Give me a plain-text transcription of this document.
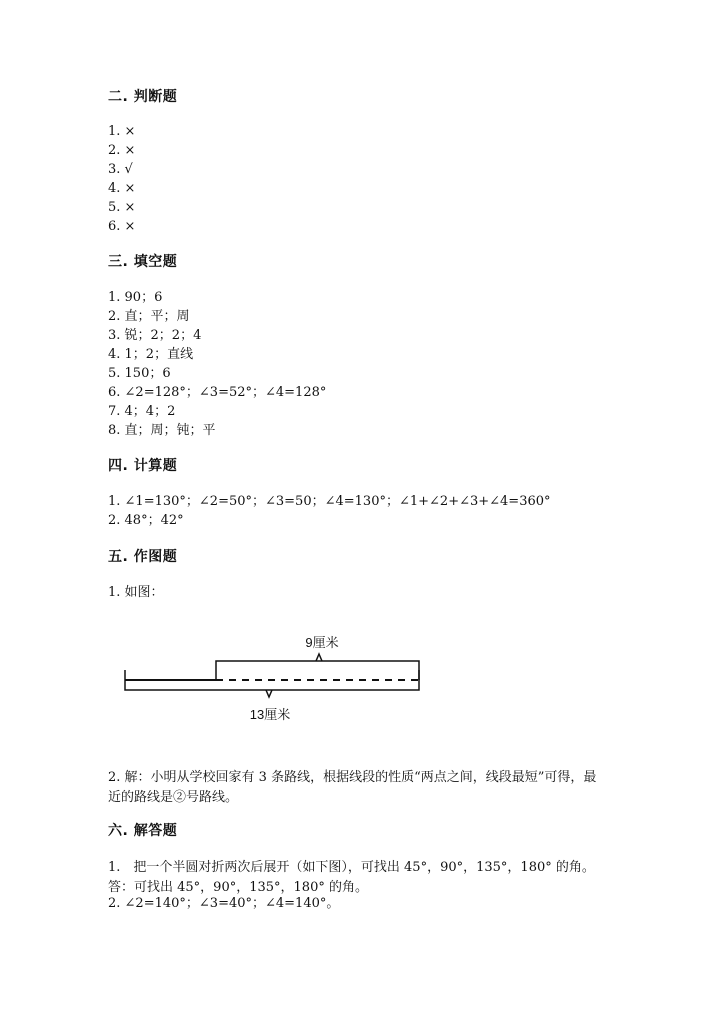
二. 判断题
1. ×
2. ×
3. √
4. ×
5. ×
6. ×
三. 填空题
1. 90；6
2. 直；平；周
3. 锐；2；2；4
4. 1；2；直线
5. 150；6
6. ∠2=128°；∠3=52°；∠4=128°
7. 4；4；2
8. 直；周；钝；平
四. 计算题
1. ∠1=130°；∠2=50°；∠3=50；∠4=130°；∠1+∠2+∠3+∠4=360°
2. 48°；42°
五. 作图题
1. 如图：
9厘米
13厘米
2. 解：小明从学校回家有 3 条路线，根据线段的性质“两点之间，线段最短”可得，最近的路线是②号路线。
六. 解答题
1.　把一个半圆对折两次后展开（如下图），可找出 45°，90°，135°，180° 的角。 答：可找出 45°，90°，135°，180° 的角。
2. ∠2=140°；∠3=40°；∠4=140°。
